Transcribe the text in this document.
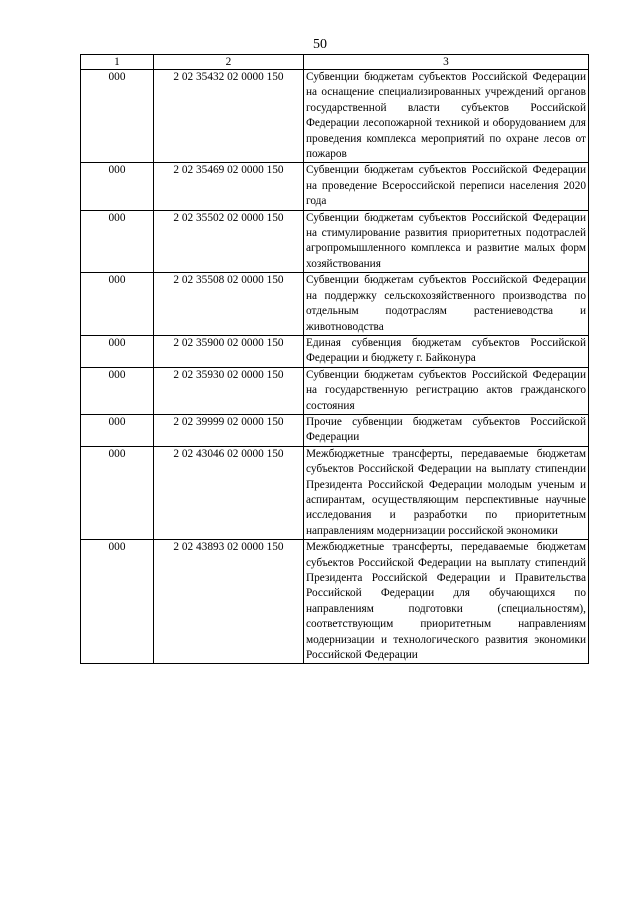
50
1	2	3
000	2 02 35432 02 0000 150	Субвенции бюджетам субъектов Российской Федерации на оснащение специализированных учреждений органов государственной власти субъектов Российской Федерации лесопожарной техникой и оборудованием для проведения комплекса мероприятий по охране лесов от пожаров
000	2 02 35469 02 0000 150	Субвенции бюджетам субъектов Российской Федерации на проведение Всероссийской переписи населения 2020 года
000	2 02 35502 02 0000 150	Субвенции бюджетам субъектов Российской Федерации на стимулирование развития приоритетных подотраслей агропромышленного комплекса и развитие малых форм хозяйствования
000	2 02 35508 02 0000 150	Субвенции бюджетам субъектов Российской Федерации на поддержку сельскохозяйственного производства по отдельным подотраслям растениеводства и животноводства
000	2 02 35900 02 0000 150	Единая субвенция бюджетам субъектов Российской Федерации и бюджету г. Байконура
000	2 02 35930 02 0000 150	Субвенции бюджетам субъектов Российской Федерации на государственную регистрацию актов гражданского состояния
000	2 02 39999 02 0000 150	Прочие субвенции бюджетам субъектов Российской Федерации
000	2 02 43046 02 0000 150	Межбюджетные трансферты, передаваемые бюджетам субъектов Российской Федерации на выплату стипендии Президента Российской Федерации молодым ученым и аспирантам, осуществляющим перспективные научные исследования и разработки по приоритетным направлениям модернизации российской экономики
000	2 02 43893 02 0000 150	Межбюджетные трансферты, передаваемые бюджетам субъектов Российской Федерации на выплату стипендий Президента Российской Федерации и Правительства Российской Федерации для обучающихся по направлениям подготовки (специальностям), соответствующим приоритетным направлениям модернизации и технологического развития экономики Российской Федерации
